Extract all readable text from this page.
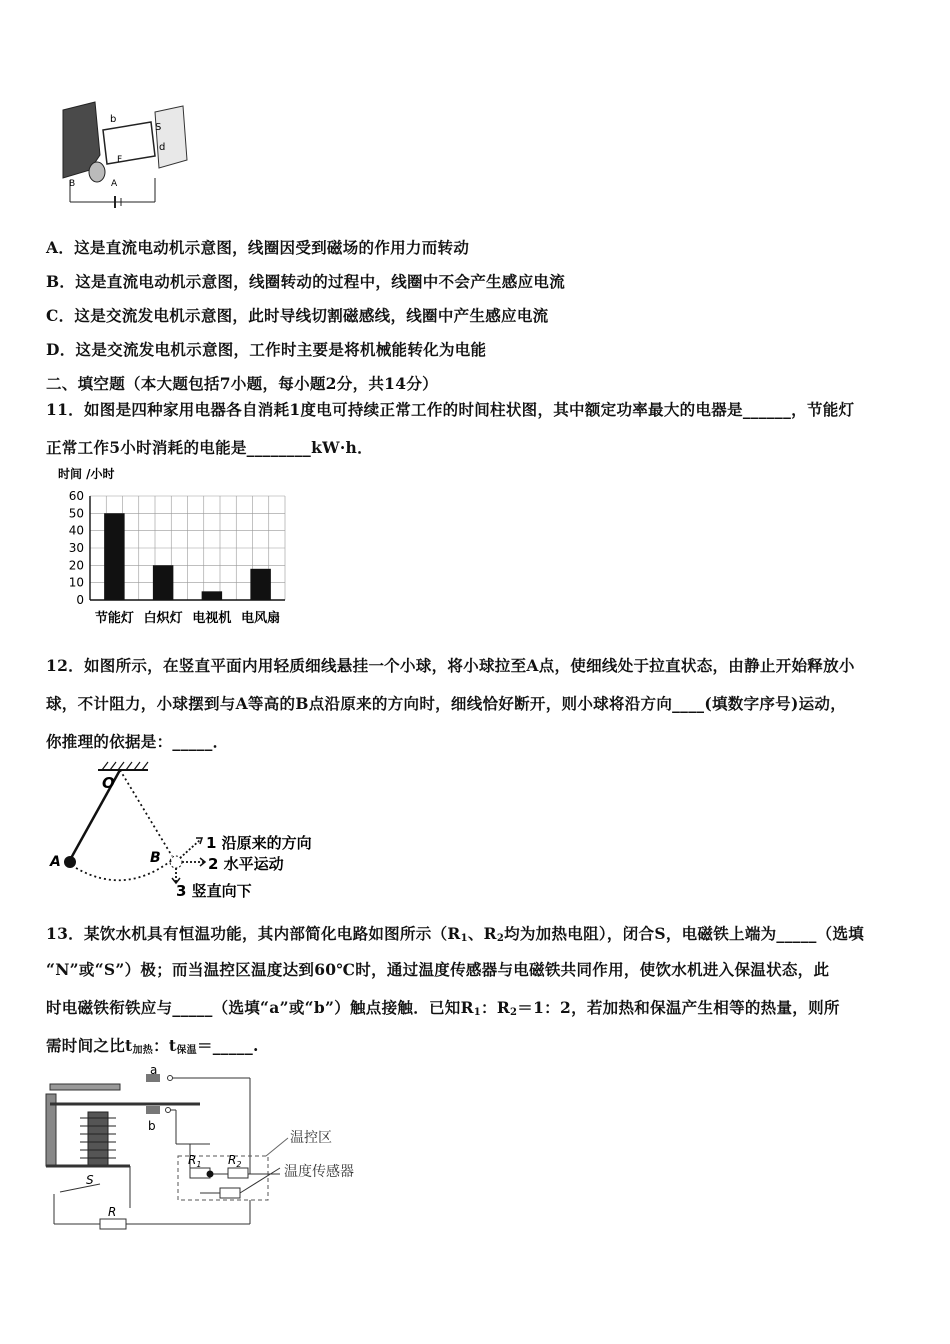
b
S
d
F
B	A
A．这是直流电动机示意图，线圈因受到磁场的作用力而转动
B．这是直流电动机示意图，线圈转动的过程中，线圈中不会产生感应电流
C．这是交流发电机示意图，此时导线切割磁感线，线圈中产生感应电流
D．这是交流发电机示意图，工作时主要是将机械能转化为电能
二、填空题（本大题包括7小题，每小题2分，共14分）
11．如图是四种家用电器各自消耗1度电可持续正常工作的时间柱状图，其中额定功率最大的电器是______，节能灯
正常工作5小时消耗的电能是________kW·h．
时间 /小时
60
50
40
30
20
10
0
节能灯 白炽灯 电视机 电风扇
12．如图所示，在竖直平面内用轻质细线悬挂一个小球，将小球拉至A点，使细线处于拉直状态，由静止开始释放小
球，不计阻力，小球摆到与A等高的B点沿原来的方向时，细线恰好断开，则小球将沿方向____(填数字序号)运动，
你推理的依据是：_____．
O
A	B
1 沿原来的方向
2 水平运动
3 竖直向下
13．某饮水机具有恒温功能，其内部简化电路如图所示（$R_1$、$R_2$均为加热电阻），闭合S，电磁铁上端为_____（选填
“N”或“S”）极；而当温控区温度达到60℃时，通过温度传感器与电磁铁共同作用，使饮水机进入保温状态，此
时电磁铁衔铁应与_____（选填“a”或“b”）触点接触．已知$R_1$：$R_2=1$：2，若加热和保温产生相等的热量，则所
需时间之比$t_{加热}$：$t_{保温}=\_\_\_\_\_$.
a
b
S
R
$R_1$ $R_2$
温控区
温度传感器
